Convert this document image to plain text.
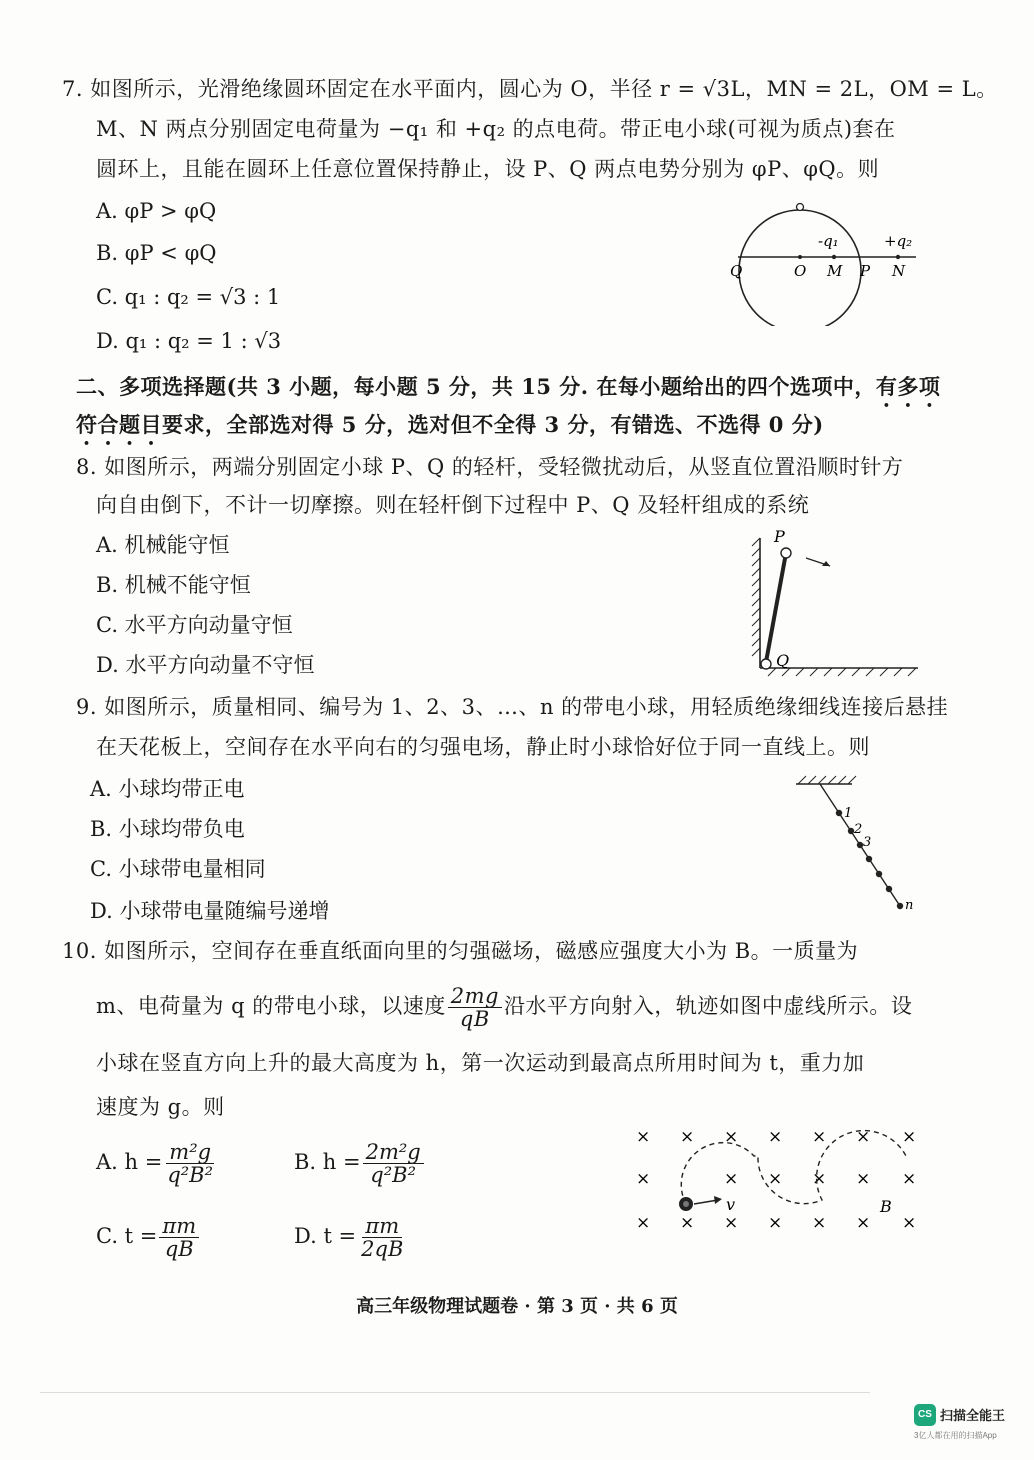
7. 如图所示，光滑绝缘圆环固定在水平面内，圆心为 O，半径 r = √3L，MN = 2L，OM = L。
M、N 两点分别固定电荷量为 −q₁ 和 +q₂ 的点电荷。带正电小球(可视为质点)套在
圆环上，且能在圆环上任意位置保持静止，设 P、Q 两点电势分别为 φP、φQ。则
A. φP > φQ
B. φP < φQ
C. q₁ : q₂ = √3 : 1
D. q₁ : q₂ = 1 : √3
-q₁	+q₂
Q	O M P N
二、多项选择题(共 3 小题，每小题 5 分，共 15 分. 在每小题给出的四个选项中，有多项
符合题目要求，全部选对得 5 分，选对但不全得 3 分，有错选、不选得 0 分)
8. 如图所示，两端分别固定小球 P、Q 的轻杆，受轻微扰动后，从竖直位置沿顺时针方
向自由倒下，不计一切摩擦。则在轻杆倒下过程中 P、Q 及轻杆组成的系统
A. 机械能守恒
B. 机械不能守恒
C. 水平方向动量守恒
D. 水平方向动量不守恒
P
Q
9. 如图所示，质量相同、编号为 1、2、3、…、n 的带电小球，用轻质绝缘细线连接后悬挂
在天花板上，空间存在水平向右的匀强电场，静止时小球恰好位于同一直线上。则
A. 小球均带正电
B. 小球均带负电
C. 小球带电量相同
D. 小球带电量随编号递增
1
2
3
n
10. 如图所示，空间存在垂直纸面向里的匀强磁场，磁感应强度大小为 B。一质量为
m、电荷量为 q 的带电小球，以速度 $\frac{2mg}{qB}$ 沿水平方向射入，轨迹如图中虚线所示。设
小球在竖直方向上升的最大高度为 h，第一次运动到最高点所用时间为 t，重力加
速度为 g。则
A. $h = \frac{\text{m²g}}{\text{q²B²}}$	B. $h = \frac{\text{2m²g}}{\text{q²B²}}$
C. $t = \frac{\pi m}{qB}$	D. $t = \frac{\pi m}{2qB}$
× × × × × × ×
×	× × × × ×
× × × × × × ×
v	B
高三年级物理试题卷 · 第 3 页 · 共 6 页
CS 扫描全能王
3亿人都在用的扫描App
